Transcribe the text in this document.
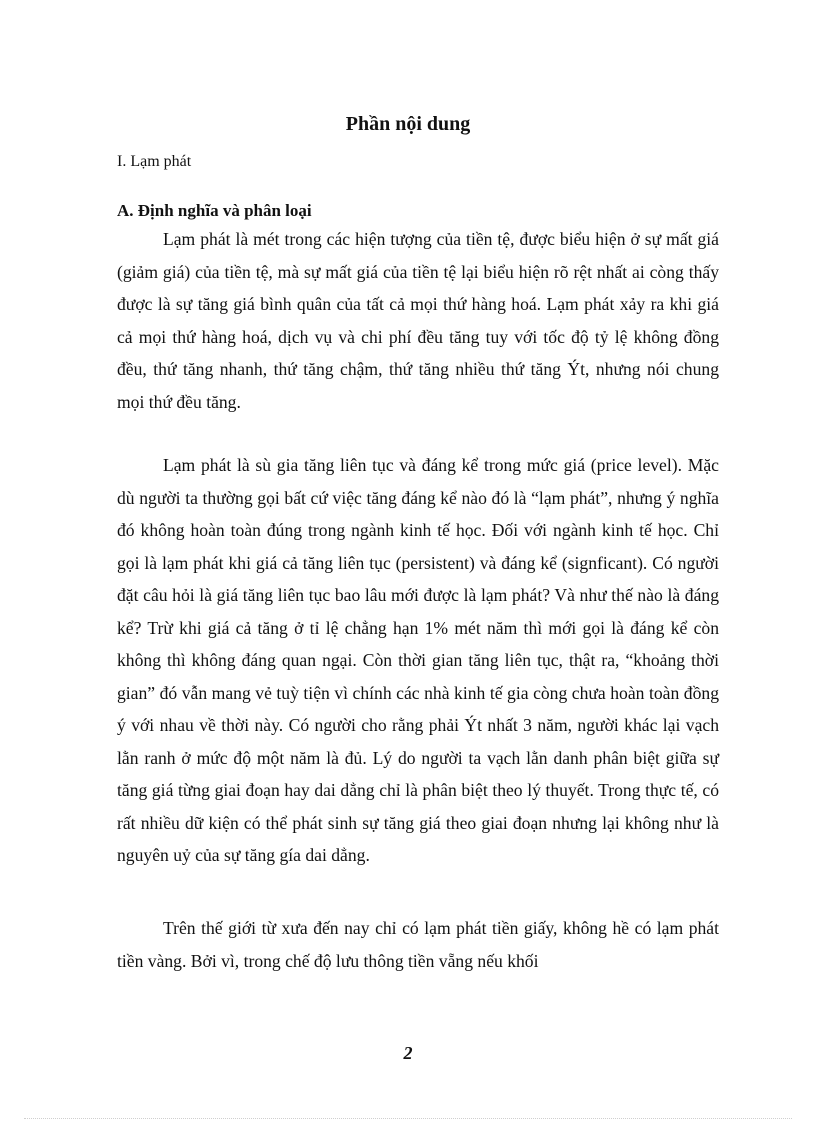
Phần nội dung
I. Lạm phát
A. Định nghĩa và phân loại

Lạm phát là mét trong các hiện tượng của tiền tệ, được biểu hiện ở sự mất giá (giảm giá) của tiền tệ, mà sự mất giá của tiền tệ lại biểu hiện rõ rệt nhất ai còng thấy được là sự tăng giá bình quân của tất cả mọi thứ hàng hoá. Lạm phát xảy ra khi giá cả mọi thứ hàng hoá, dịch vụ và chi phí đều tăng tuy với tốc độ tỷ lệ không đồng đều, thứ tăng nhanh, thứ tăng chậm, thứ tăng nhiều thứ tăng Ýt, nhưng nói chung mọi thứ đều tăng.

Lạm phát là sù gia tăng liên tục và đáng kể trong mức giá (price level). Mặc dù người ta thường gọi bất cứ việc tăng đáng kể nào đó là “lạm phát”, nhưng ý nghĩa đó không hoàn toàn đúng trong ngành kinh tế học. Đối với ngành kinh tế học. Chỉ gọi là lạm phát khi giá cả tăng liên tục (persistent) và đáng kể (signficant). Có người đặt câu hỏi là giá tăng liên tục bao lâu mới được là lạm phát? Và như thế nào là đáng kể? Trừ khi giá cả tăng ở tỉ lệ chẳng hạn 1% mét năm thì mới gọi là đáng kể còn không thì không đáng quan ngại. Còn thời gian tăng liên tục, thật ra, “khoảng thời gian” đó vẫn mang vẻ tuỳ tiện vì chính các nhà kinh tế gia còng chưa hoàn toàn đồng ý với nhau về thời này. Có người cho rằng phải Ýt nhất 3 năm, người khác lại vạch lằn ranh ở mức độ một năm là đủ. Lý do người ta vạch lằn danh phân biệt giữa sự tăng giá từng giai đoạn hay dai dẳng chỉ là phân biệt theo lý thuyết. Trong thực tế, có rất nhiều dữ kiện có thể phát sinh sự tăng giá theo giai đoạn nhưng lại không như là nguyên uỷ của sự tăng gía dai dẳng.

Trên thế giới từ xưa đến nay chỉ có lạm phát tiền giấy, không hề có lạm phát tiền vàng. Bởi vì, trong chế độ lưu thông tiền vẵng nếu khối

2
